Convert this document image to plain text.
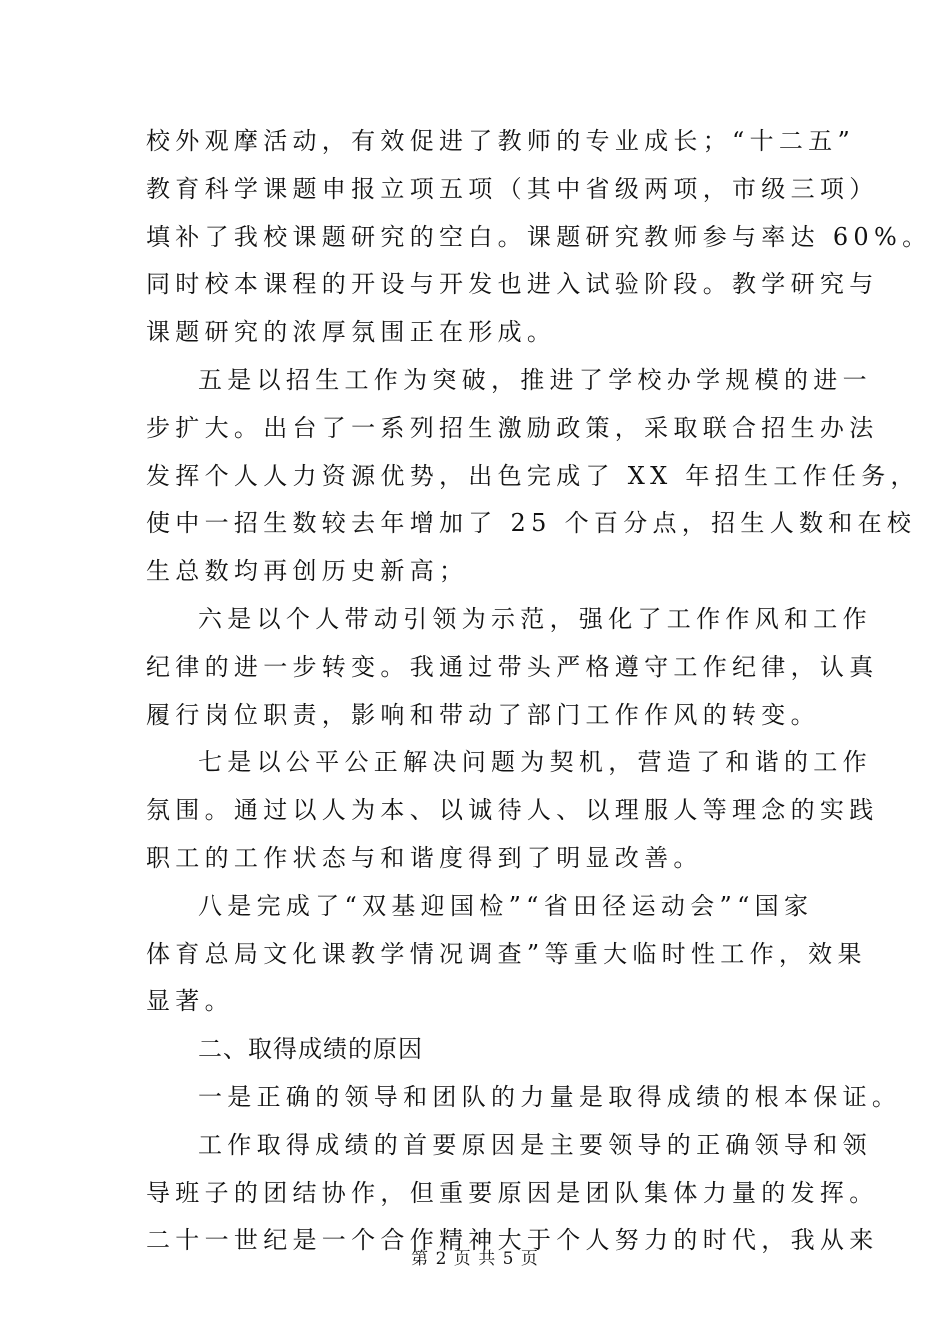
校外观摩活动，有效促进了教师的专业成长；“十二五”
教育科学课题申报立项五项（其中省级两项，市级三项）
填补了我校课题研究的空白。课题研究教师参与率达 60%。
同时校本课程的开设与开发也进入试验阶段。教学研究与
课题研究的浓厚氛围正在形成。
五是以招生工作为突破，推进了学校办学规模的进一
步扩大。出台了一系列招生激励政策，采取联合招生办法
发挥个人人力资源优势，出色完成了 XX 年招生工作任务，
使中一招生数较去年增加了 25 个百分点，招生人数和在校
生总数均再创历史新高；
六是以个人带动引领为示范，强化了工作作风和工作
纪律的进一步转变。我通过带头严格遵守工作纪律，认真
履行岗位职责，影响和带动了部门工作作风的转变。
七是以公平公正解决问题为契机，营造了和谐的工作
氛围。通过以人为本、以诚待人、以理服人等理念的实践
职工的工作状态与和谐度得到了明显改善。
八是完成了“双基迎国检”“省田径运动会”“国家
体育总局文化课教学情况调查”等重大临时性工作，效果
显著。
二、取得成绩的原因
一是正确的领导和团队的力量是取得成绩的根本保证。
工作取得成绩的首要原因是主要领导的正确领导和领
导班子的团结协作，但重要原因是团队集体力量的发挥。
二十一世纪是一个合作精神大于个人努力的时代，我从来
第 2 页 共 5 页
